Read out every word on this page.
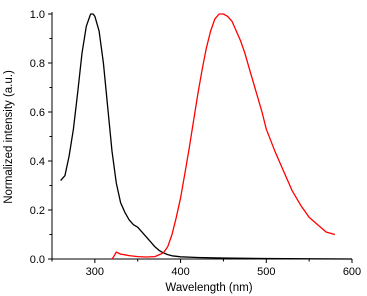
300	400	500	600
0.0
0.2
0.4
0.6
0.8
1.0
Wavelength (nm)
Normalized intensity (a.u.)
